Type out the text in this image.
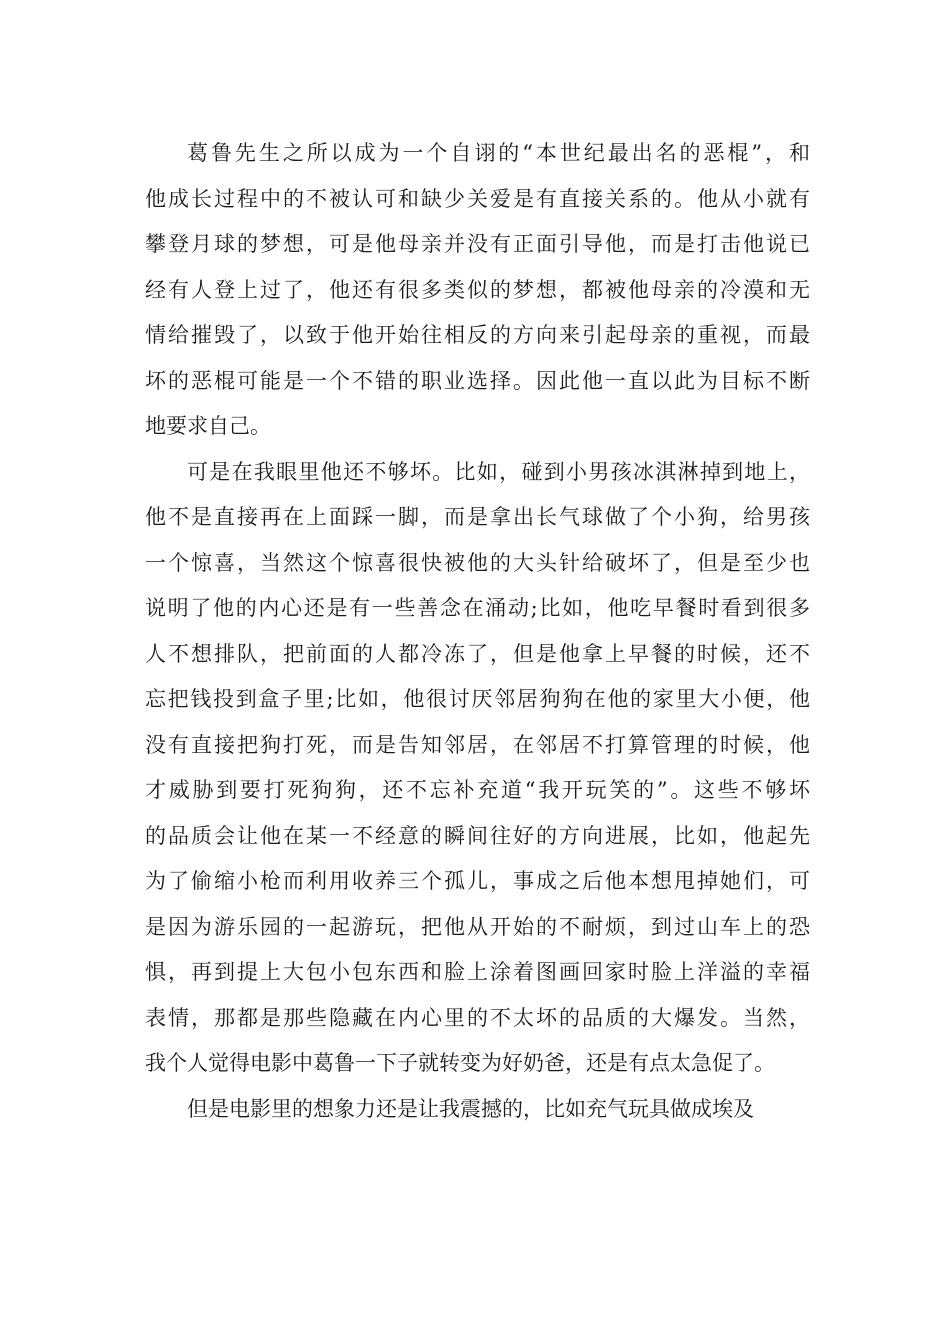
葛鲁先生之所以成为一个自诩的“本世纪最出名的恶棍”，和
他成长过程中的不被认可和缺少关爱是有直接关系的。他从小就有
攀登月球的梦想，可是他母亲并没有正面引导他，而是打击他说已
经有人登上过了，他还有很多类似的梦想，都被他母亲的冷漠和无
情给摧毁了，以致于他开始往相反的方向来引起母亲的重视，而最
坏的恶棍可能是一个不错的职业选择。因此他一直以此为目标不断
地要求自己。
可是在我眼里他还不够坏。比如，碰到小男孩冰淇淋掉到地上，
他不是直接再在上面踩一脚，而是拿出长气球做了个小狗，给男孩
一个惊喜，当然这个惊喜很快被他的大头针给破坏了，但是至少也
说明了他的内心还是有一些善念在涌动;比如，他吃早餐时看到很多
人不想排队，把前面的人都冷冻了，但是他拿上早餐的时候，还不
忘把钱投到盒子里;比如，他很讨厌邻居狗狗在他的家里大小便，他
没有直接把狗打死，而是告知邻居，在邻居不打算管理的时候，他
才威胁到要打死狗狗，还不忘补充道“我开玩笑的”。这些不够坏
的品质会让他在某一不经意的瞬间往好的方向进展，比如，他起先
为了偷缩小枪而利用收养三个孤儿，事成之后他本想甩掉她们，可
是因为游乐园的一起游玩，把他从开始的不耐烦，到过山车上的恐
惧，再到提上大包小包东西和脸上涂着图画回家时脸上洋溢的幸福
表情，那都是那些隐藏在内心里的不太坏的品质的大爆发。当然，
我个人觉得电影中葛鲁一下子就转变为好奶爸，还是有点太急促了。
但是电影里的想象力还是让我震撼的，比如充气玩具做成埃及
